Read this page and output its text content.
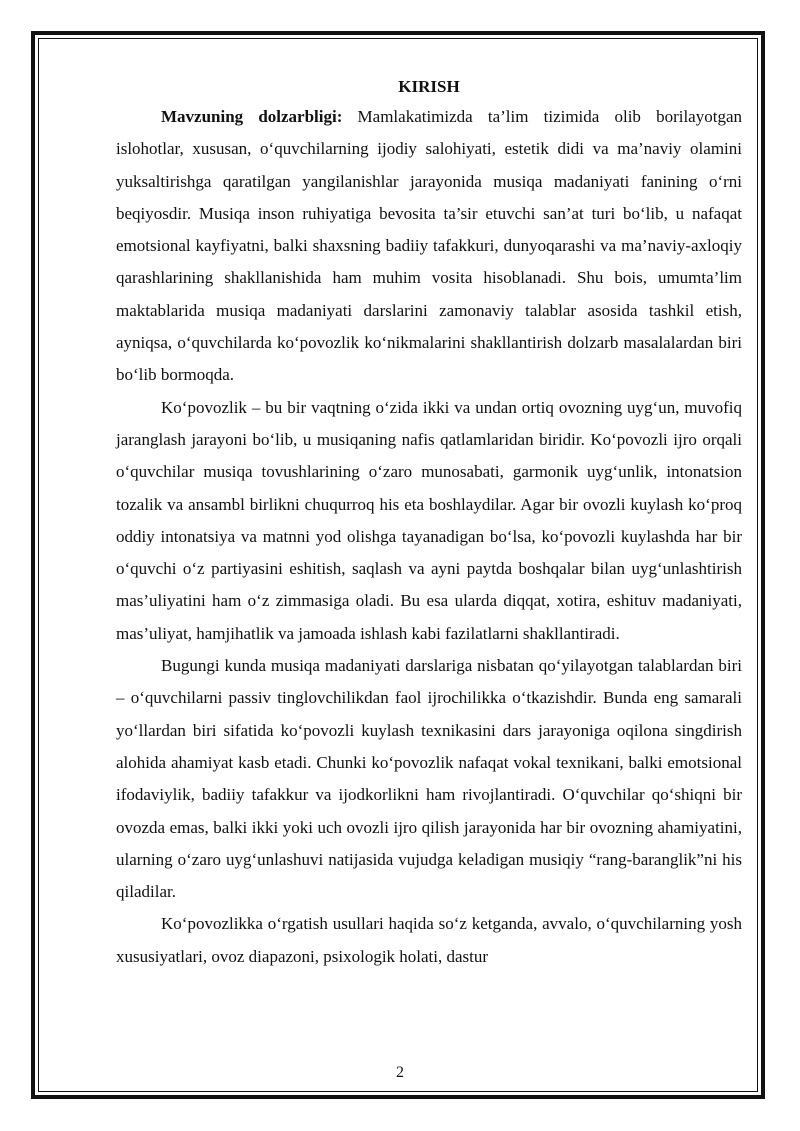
KIRISH

Mavzuning dolzarbligi: Mamlakatimizda ta’lim tizimida olib borilayotgan islohotlar, xususan, o‘quvchilarning ijodiy salohiyati, estetik didi va ma’naviy olamini yuksaltirishga qaratilgan yangilanishlar jarayonida musiqa madaniyati fanining o‘rni beqiyosdir. Musiqa inson ruhiyatiga bevosita ta’sir etuvchi san’at turi bo‘lib, u nafaqat emotsional kayfiyatni, balki shaxsning badiiy tafakkuri, dunyoqarashi va ma’naviy-axloqiy qarashlarining shakllanishida ham muhim vosita hisoblanadi. Shu bois, umumta’lim maktablarida musiqa madaniyati darslarini zamonaviy talablar asosida tashkil etish, ayniqsa, o‘quvchilarda ko‘povozlik ko‘nikmalarini shakllantirish dolzarb masalalardan biri bo‘lib bormoqda.

Ko‘povozlik – bu bir vaqtning o‘zida ikki va undan ortiq ovozning uyg‘un, muvofiq jaranglash jarayoni bo‘lib, u musiqaning nafis qatlamlaridan biridir. Ko‘povozli ijro orqali o‘quvchilar musiqa tovushlarining o‘zaro munosabati, garmonik uyg‘unlik, intonatsion tozalik va ansambl birlikni chuqurroq his eta boshlaydilar. Agar bir ovozli kuylash ko‘proq oddiy intonatsiya va matnni yod olishga tayanadigan bo‘lsa, ko‘povozli kuylashda har bir o‘quvchi o‘z partiyasini eshitish, saqlash va ayni paytda boshqalar bilan uyg‘unlashtirish mas’uliyatini ham o‘z zimmasiga oladi. Bu esa ularda diqqat, xotira, eshituv madaniyati, mas’uliyat, hamjihatlik va jamoada ishlash kabi fazilatlarni shakllantiradi.

Bugungi kunda musiqa madaniyati darslariga nisbatan qo‘yilayotgan talablardan biri – o‘quvchilarni passiv tinglovchilikdan faol ijrochilikka o‘tkazishdir. Bunda eng samarali yo‘llardan biri sifatida ko‘povozli kuylash texnikasini dars jarayoniga oqilona singdirish alohida ahamiyat kasb etadi. Chunki ko‘povozlik nafaqat vokal texnikani, balki emotsional ifodaviylik, badiiy tafakkur va ijodkorlikni ham rivojlantiradi. O‘quvchilar qo‘shiqni bir ovozda emas, balki ikki yoki uch ovozli ijro qilish jarayonida har bir ovozning ahamiyatini, ularning o‘zaro uyg‘unlashuvi natijasida vujudga keladigan musiqiy “rang-baranglik”ni his qiladilar.

Ko‘povozlikka o‘rgatish usullari haqida so‘z ketganda, avvalo, o‘quvchilarning yosh xususiyatlari, ovoz diapazoni, psixologik holati, dastur

2
